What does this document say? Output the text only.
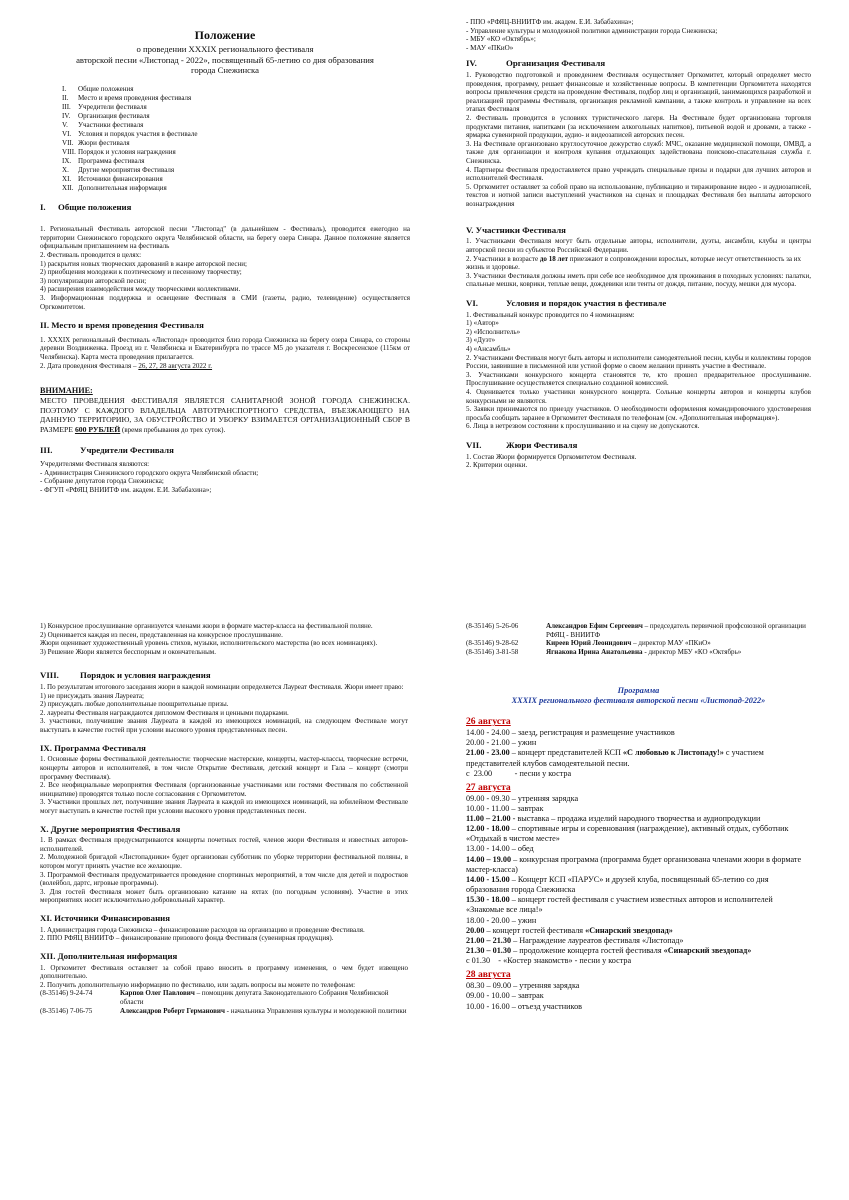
Положение

о проведении XXXIX регионального фестиваля

авторской песни «Листопад - 2022», посвященный 65-летию со дня образования

города Снежинска

I.	Общие положения
II.	Место и время проведения фестиваля
III.	Учредители фестиваля
IV.	Организация фестиваля
V.	Участники фестиваля
VI. Условия и порядок участия в фестивале
VII. Жюри фестиваля
VIII. Порядок и условия награждения
IX. Программа фестиваля
X.	Другие мероприятия Фестиваля
XI. Источники финансирования
XII. Дополнительная информация

I. Общие положения

1. Региональный Фестиваль авторской песни "Листопад" (в дальнейшем - Фестиваль), проводится ежегодно на территории Снежинского городского округа Челябинской области, на берегу озера Синара. Данное положение является официальным приглашением на фестиваль

2. Фестиваль проводится в целях:

1) раскрытия новых творческих дарований в жанре авторской песни;

2) приобщения молодежи к поэтическому и песенному творчеству;

3) популяризации авторской песни;

4) расширения взаимодействия между творческими коллективами.

3. Информационная поддержка и освещение Фестиваля в СМИ (газеты, радио, телевидение) осуществляется Оргкомитетом.

II. Место и время проведения Фестиваля

1. XXXIX региональный Фестиваль «Листопад» проводится близ города Снежинска на берегу озера Синара, со стороны деревни Воздвиженка. Проезд из г. Челябинска и Екатеринбурга по трассе М5 до указателя г. Воскресенское (115км от Челябинска). Карта места проведения прилагается.

2. Дата проведения Фестиваля – 26, 27, 28 августа 2022 г.

ВНИМАНИЕ:

МЕСТО ПРОВЕДЕНИЯ ФЕСТИВАЛЯ ЯВЛЯЕТСЯ САНИТАРНОЙ ЗОНОЙ ГОРОДА СНЕЖИНСКА. ПОЭТОМУ С КАЖДОГО ВЛАДЕЛЬЦА АВТОТРАНСПОРТНОГО СРЕДСТВА, ВЪЕЗЖАЮЩЕГО НА ДАННУЮ ТЕРРИТОРИЮ, ЗА ОБУСТРОЙСТВО И УБОРКУ ВЗИМАЕТСЯ ОРГАНИЗАЦИОННЫЙ СБОР В РАЗМЕРЕ 600 РУБЛЕЙ (время пребывания до трех суток).

III.	Учредители Фестиваля

Учредителями Фестиваля являются:

- Администрация Снежинского городского округа Челябинской области;

- Собрание депутатов города Снежинска;

- ФГУП «РФЯЦ ВНИИТФ им. академ. Е.И. Забабахина»;

- ППО «РФЯЦ-ВНИИТФ им. академ. Е.И. Забабахина»;

- Управление культуры и молодежной политики администрации города Снежинска;

- МБУ «КО «Октябрь»;

- МАУ «ПКиО»

IV.	Организация Фестиваля

1. Руководство подготовкой и проведением Фестиваля осуществляет Оргкомитет, который определяет место проведения, программу, решает финансовые и хозяйственные вопросы. В компетенции Оргкомитета находятся вопросы привлечения средств на проведение Фестиваля, подбор лиц и организаций, занимающихся разработкой и реализацией программы Фестиваля, организация рекламной кампании, а также контроль и управление на всех этапах Фестиваля

2. Фестиваль проводится в условиях туристического лагеря. На Фестивале будет организована торговля продуктами питания, напитками (за исключением алкогольных напитков), питьевой водой и дровами, а также - ярмарка сувенирной продукции, аудио- и видеозаписей авторских песен.

3. На Фестивале организовано круглосуточное дежурство служб: МЧС, оказание медицинской помощи, ОМВД, а также для организации и контроля купания отдыхающих задействована поисково-спасательная служба г. Снежинска.

4. Партнеры Фестиваля предоставляется право учреждать специальные призы и подарки для лучших авторов и исполнителей Фестиваля.

5. Оргкомитет оставляет за собой право на использование, публикацию и тиражирование видео - и аудиозаписей, текстов и нотной записи выступлений участников на сценах и площадках Фестиваля без выплаты авторского вознаграждения

V. Участники Фестиваля

1. Участниками Фестиваля могут быть отдельные авторы, исполнители, дуэты, ансамбли, клубы и центры авторской песни из субъектов Российской Федерации.

2. Участники в возрасте до 18 лет приезжают в сопровождении взрослых, которые несут ответственность за их жизнь и здоровье.

3. Участники Фестиваля должны иметь при себе все необходимое для проживания в походных условиях: палатки, спальные мешки, коврики, теплые вещи, дождевики или тенты от дождя, питание, посуду, мешки для мусора.

VI.	Условия и порядок участия в фестивале

1. Фестивальный конкурс проводится по 4 номинациям:

1) «Автор»

2) «Исполнитель»

3) «Дуэт»

4) «Ансамбль»

2. Участниками Фестиваля могут быть авторы и исполнители самодеятельной песни, клубы и коллективы городов России, заявившие в письменной или устной форме о своем желании принять участие в Фестивале.

3. Участниками конкурсного концерта становятся те, кто прошел предварительное прослушивание. Прослушивание осуществляется специально созданной комиссией.

4. Оценивается только участники конкурсного концерта. Сольные концерты авторов и концерты клубов конкурсными не являются.

5. Заявки принимаются по приезду участников. О необходимости оформления командировочного удостоверения просьба сообщать заранее в Оргкомитет Фестиваля по телефонам (см. «Дополнительная информация»).

6. Лица в нетрезвом состоянии к прослушиванию и на сцену не допускаются.

VII.	Жюри Фестиваля

1. Состав Жюри формируется Оргкомитетом Фестиваля.

2. Критерии оценки.

1) Конкурсное прослушивание организуется членами жюри в формате мастер-класса на фестивальной поляне.

2) Оценивается каждая из песен, представленная на конкурсное прослушивание.

Жюри оценивает художественный уровень стихов, музыки, исполнительского мастерства (во всех номинациях).

3) Решение Жюри является бесспорным и окончательным.

VIII. Порядок и условия награждения

1. По результатам итогового заседания жюри в каждой номинации определяется Лауреат Фестиваля. Жюри имеет право:

1) не присуждать звания Лауреата;

2) присуждать любые дополнительные поощрительные призы.

2. лауреаты Фестиваля награждаются дипломом Фестиваля и ценными подарками.

3. участники, получившие звания Лауреата в каждой из имеющихся номинаций, на следующем Фестивале могут выступать в качестве гостей при условии высокого уровня представленных песен.

IX. Программа Фестиваля

1. Основные формы Фестивальной деятельности: творческие мастерские, концерты, мастер-классы, творческие встречи, концерты авторов и исполнителей, в том числе Открытие Фестиваля, детский концерт и Гала – концерт (смотри программу Фестиваля).

2. Все неофициальные мероприятия Фестиваля (организованные участниками или гостями Фестиваля по собственной инициативе) проводятся только после согласования с Оргкомитетом.

3. Участники прошлых лет, получившие звания Лауреата в каждой из имеющихся номинаций, на юбилейном Фестивале могут выступать в качестве гостей при условии высокого уровня представленных песен.

X. Другие мероприятия Фестиваля

1. В рамках Фестиваля предусматриваются концерты почетных гостей, членов жюри Фестиваля и известных авторов-исполнителей.

2. Молодежной бригадой «Листопадники» будет организован субботник по уборке территории фестивальной поляны, в котором могут принять участие все желающие.

3. Программой Фестиваля предусматривается проведение спортивных мероприятий, в том числе для детей и подростков (волейбол, дартс, игровые программы).

3. Для гостей Фестиваля может быть организовано катание на яхтах (по погодным условиям). Участие в этих мероприятиях носит исключительно добровольный характер.

XI. Источники Финансирования

1. Администрация города Снежинска – финансирование расходов на организацию и проведение Фестиваля.

2. ППО РФЯЦ ВНИИТФ – финансирование призового фонда Фестиваля (сувенирная продукция).

XII. Дополнительная информация

1. Оргкомитет Фестиваля оставляет за собой право вносить в программу изменения, о чем будет извещено дополнительно.

2. Получить дополнительную информацию по фестивалю, или задать вопросы вы можете по телефонам:

(8-35146) 9-24-74	Карпов Олег Павлович – помощник депутата Законодательного Собрания Челябинской области
(8-35146) 7-06-75	Александров Роберт Германович - начальника Управления культуры и молодежной политики
(8-35146) 5-26-06	Александров Ефим Сергеевич – председатель первичной профсоюзной организации РФЯЦ - ВНИИТФ
(8-35146) 9-28-62	Киреев Юрий Леонидович – директор МАУ «ПКиО»
(8-35146) 3-81-58	Ягнакова Ирина Анатольевна - директор МБУ «КО «Октябрь»

Программа

XXXIX регионального фестиваля авторской песни «Листопад-2022»

26 августа

14.00 - 24.00 – заезд, регистрация и размещение участников

20.00 - 21.00 – ужин

21.00 - 23.00 – концерт представителей КСП «С любовью к Листопаду!» с участием представителей клубов самодеятельной песни.

с  23.00           - песни у костра

27 августа

09.00 - 09.30 – утренняя зарядка

10.00 - 11.00 – завтрак

11.00 – 21.00 - выставка – продажа изделий народного творчества и аудиопродукции

12.00 - 18.00 – спортивные игры и соревнования (награждение), активный отдых, субботник «Отдыхай в чистом месте»

13.00 - 14.00 – обед

14.00 – 19.00 – конкурсная программа (программа будет организована членами жюри в формате мастер-класса)

14.00 - 15.00 – Концерт КСП «ПАРУС» и друзей клуба, посвященный 65-летию со дня образования города Снежинска

15.30 - 18.00 – концерт гостей фестиваля с участием известных авторов и исполнителей «Знакомые все лица!»

18.00 - 20.00 – ужин

20.00 – концерт гостей фестиваля «Синарский звездопад»

21.00 – 21.30 – Награждение лауреатов фестиваля «Листопад»

21.30 – 01.30 – продолжение концерта гостей фестиваля «Синарский звездопад»

с 01.30    - «Костер знакомств» - песни у костра

28 августа

08.30 – 09.00 – утренняя зарядка

09.00 - 10.00 – завтрак

10.00 - 16.00 – отъезд участников
